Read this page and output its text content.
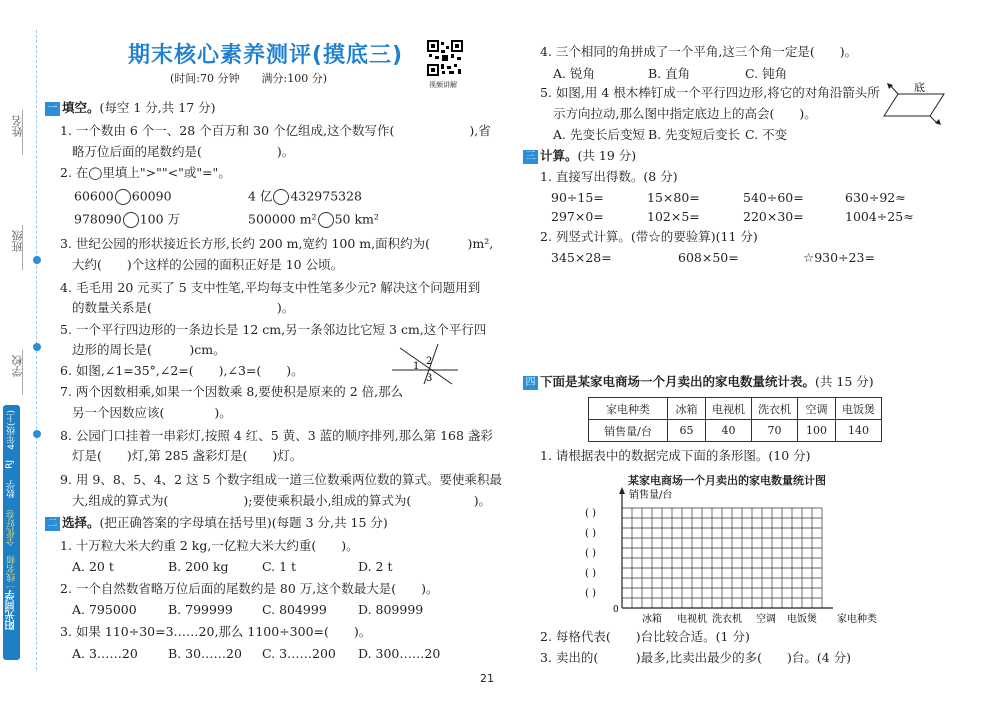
姓名
班级
学校
4年级(上)
RJ
数学
一线名师　全优好卷
阳光同学
期末核心素养测评(摸底三)
(时间:70 分钟　　满分:100 分)	视频讲解
一 填空。(每空 1 分,共 17 分)
1. 一个数由 6 个一、28 个百万和 30 个亿组成,这个数写作(　　　　　　),省
略万位后面的尾数约是(　　　　　　)。
2. 在◯里填上">""<"或"="。
60600 60090	4 亿 432975328
978090 100 万	500000 m² 50 km²
3. 世纪公园的形状接近长方形,长约 200 m,宽约 100 m,面积约为(　　　)m²,
大约(　　)个这样的公园的面积正好是 10 公顷。
4. 毛毛用 20 元买了 5 支中性笔,平均每支中性笔多少元? 解决这个问题用到
的数量关系是(　　　　　　　　　　)。
5. 一个平行四边形的一条边长是 12 cm,另一条邻边比它短 3 cm,这个平行四
边形的周长是(　　　)cm。
6. 如图,∠1=35°,∠2=(　　),∠3=(　　)。	1 2
3
7. 两个因数相乘,如果一个因数乘 8,要使积是原来的 2 倍,那么
另一个因数应该(　　　　)。
8. 公园门口挂着一串彩灯,按照 4 红、5 黄、3 蓝的顺序排列,那么第 168 盏彩
灯是(　　)灯,第 285 盏彩灯是(　　)灯。
9. 用 9、8、5、4、2 这 5 个数字组成一道三位数乘两位数的算式。要使乘积最
大,组成的算式为(　　　　　　);要使乘积最小,组成的算式为(　　　　　)。
二 选择。(把正确答案的字母填在括号里)(每题 3 分,共 15 分)
1. 十万粒大米大约重 2 kg,一亿粒大米大约重(　　)。
A. 20 t	B. 200 kg	C. 1 t	D. 2 t
2. 一个自然数省略万位后面的尾数约是 80 万,这个数最大是(　　)。
A. 795000	B. 799999 C. 804999 D. 809999
3. 如果 110÷30=3……20,那么 1100÷300=(　　)。
A. 3……20 B. 30……20 C. 3……200 D. 300……20
4. 三个相同的角拼成了一个平角,这三个角一定是(　　)。
A. 锐角	B. 直角	C. 钝角
5. 如图,用 4 根木棒钉成一个平行四边形,将它的对角沿箭头所
示方向拉动,那么图中指定底边上的高会(　　)。
A. 先变长后变短 B. 先变短后变长 C. 不变
底
三 计算。(共 19 分)
1. 直接写出得数。(8 分)
90÷15=	15×80=	540÷60=	630÷92≈
297×0=	102×5=	220×30=	1004÷25≈
2. 列竖式计算。(带☆的要验算)(11 分)
345×28=	608×50=	☆930÷23=
四 下面是某家电商场一个月卖出的家电数量统计表。(共 15 分)
家电种类	冰箱	电视机	洗衣机	空调	电饭煲
销售量/台	65	40	70	100	140
1. 请根据表中的数据完成下面的条形图。(10 分)
某家电商场一个月卖出的家电数量统计图
销售量/台
0
( )
( )
( )
( )
( )
冰箱 电视机 洗衣机 空调 电饭煲 家电种类
2. 每格代表(　　)台比较合适。(1 分)
3. 卖出的(　　　)最多,比卖出最少的多(　　)台。(4 分)
21
